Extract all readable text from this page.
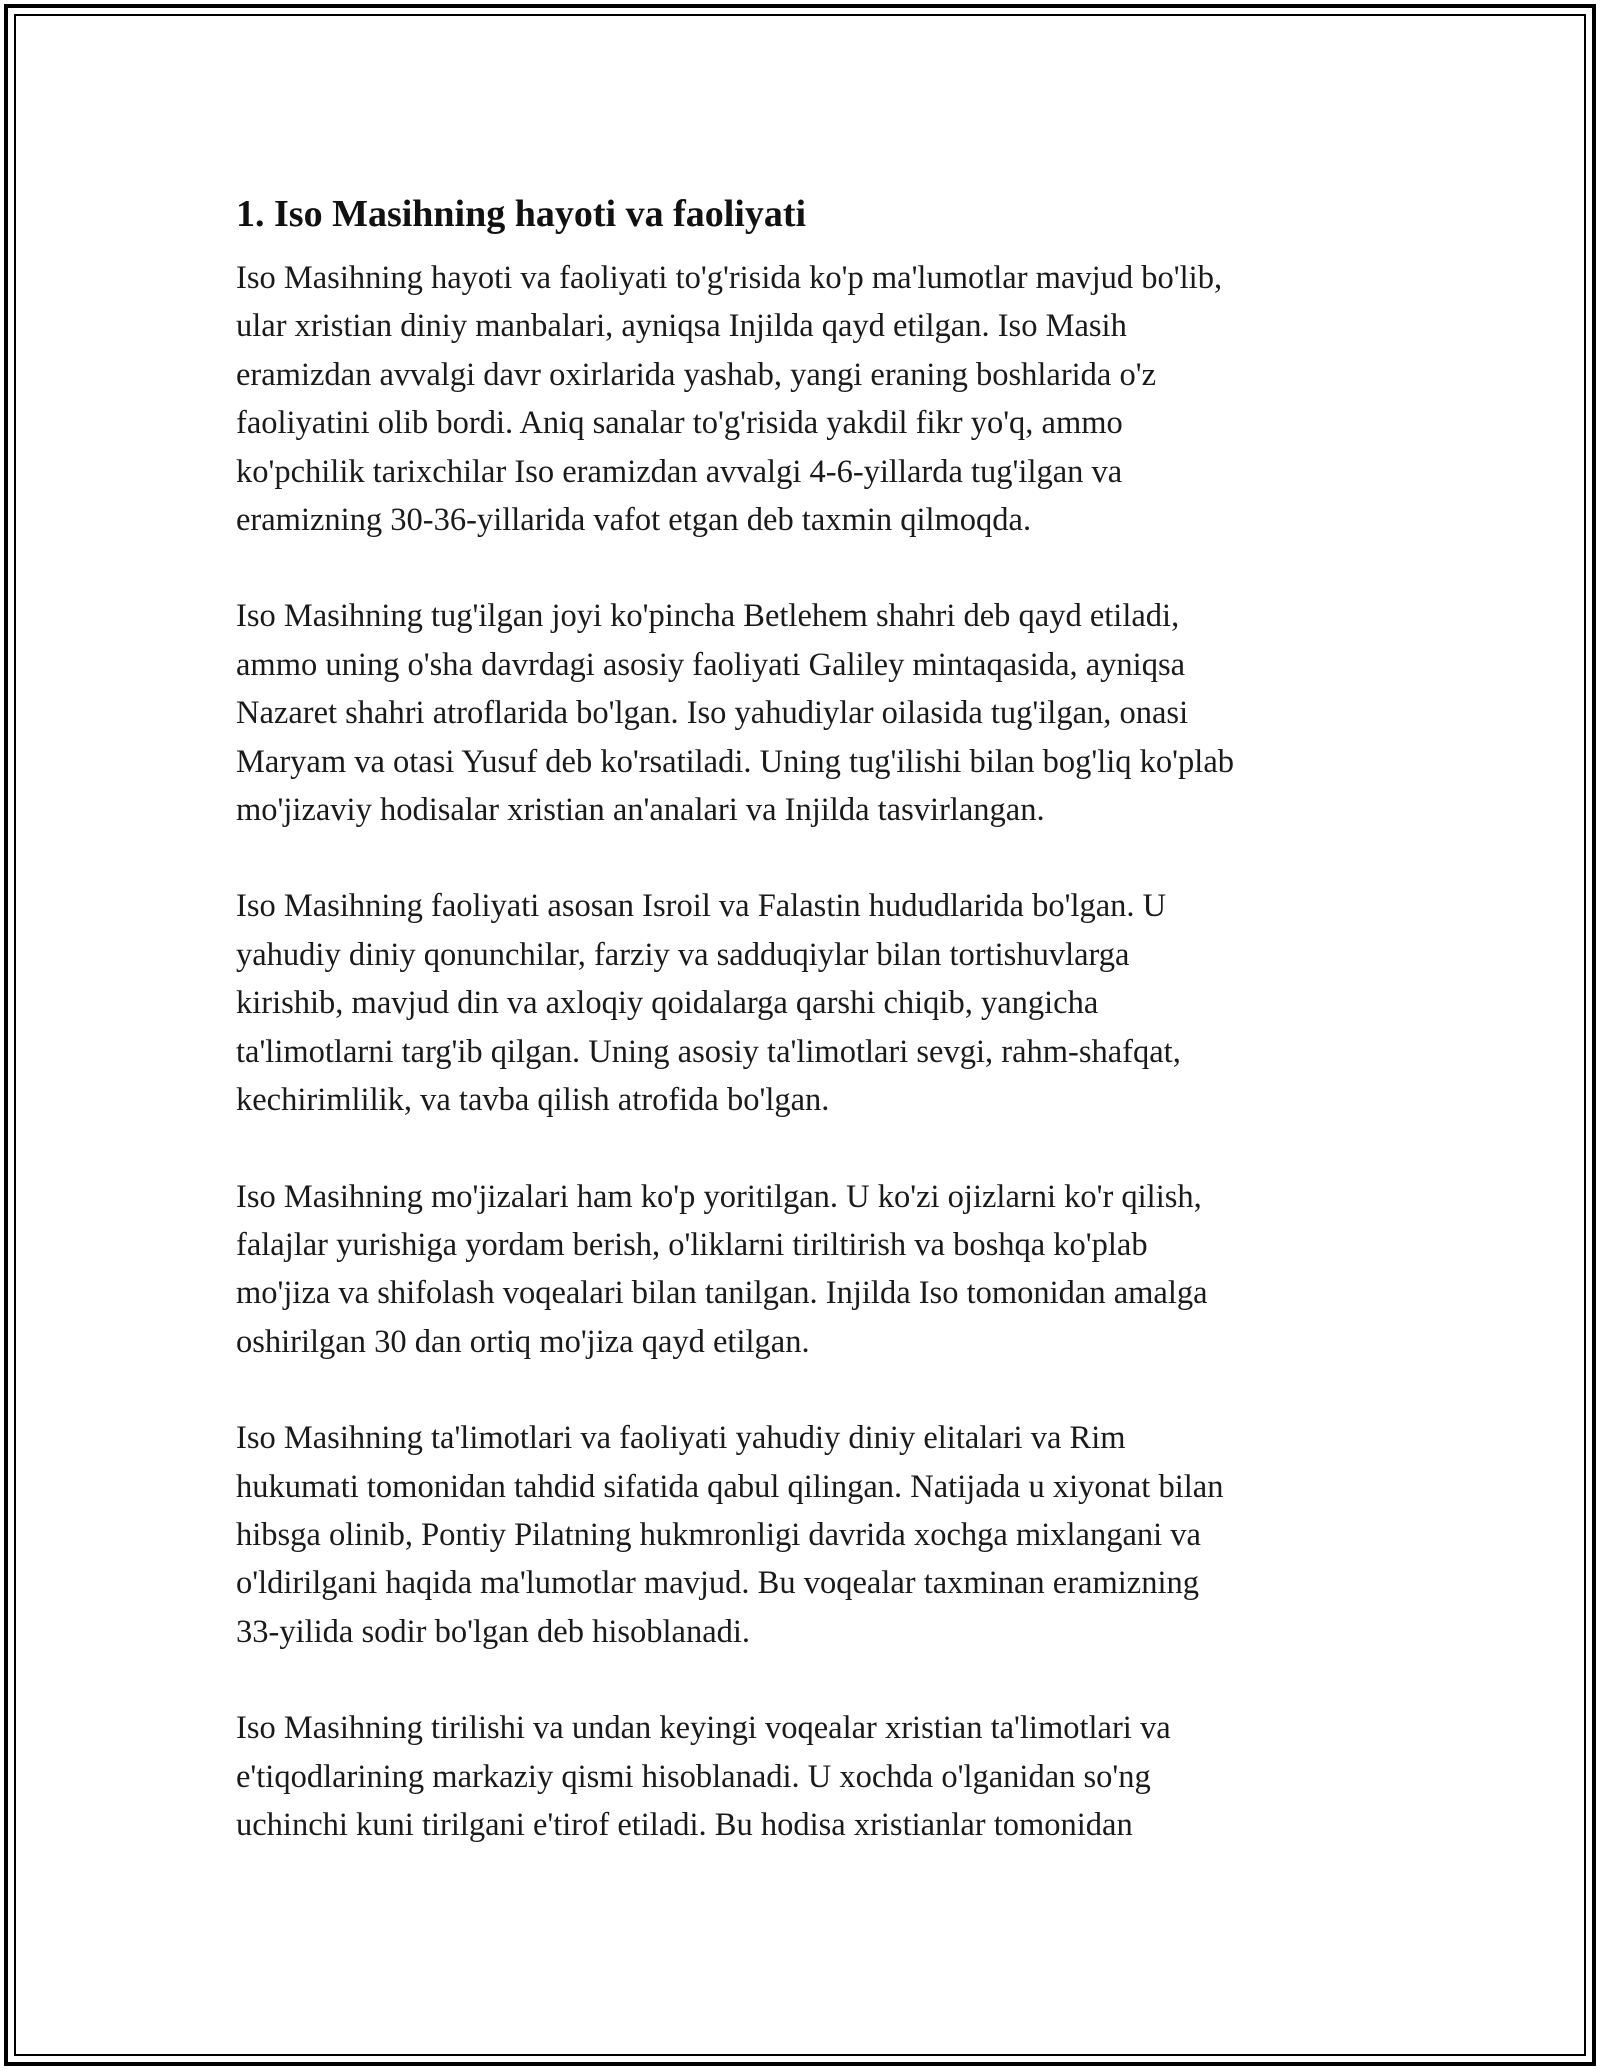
1. Iso Masihning hayoti va faoliyati

Iso Masihning hayoti va faoliyati to'g'risida ko'p ma'lumotlar mavjud bo'lib,
ular xristian diniy manbalari, ayniqsa Injilda qayd etilgan. Iso Masih
eramizdan avvalgi davr oxirlarida yashab, yangi eraning boshlarida o'z
faoliyatini olib bordi. Aniq sanalar to'g'risida yakdil fikr yo'q, ammo
ko'pchilik tarixchilar Iso eramizdan avvalgi 4-6-yillarda tug'ilgan va
eramizning 30-36-yillarida vafot etgan deb taxmin qilmoqda.

Iso Masihning tug'ilgan joyi ko'pincha Betlehem shahri deb qayd etiladi,
ammo uning o'sha davrdagi asosiy faoliyati Galiley mintaqasida, ayniqsa
Nazaret shahri atroflarida bo'lgan. Iso yahudiylar oilasida tug'ilgan, onasi
Maryam va otasi Yusuf deb ko'rsatiladi. Uning tug'ilishi bilan bog'liq ko'plab
mo'jizaviy hodisalar xristian an'analari va Injilda tasvirlangan.

Iso Masihning faoliyati asosan Isroil va Falastin hududlarida bo'lgan. U
yahudiy diniy qonunchilar, farziy va sadduqiylar bilan tortishuvlarga
kirishib, mavjud din va axloqiy qoidalarga qarshi chiqib, yangicha
ta'limotlarni targ'ib qilgan. Uning asosiy ta'limotlari sevgi, rahm-shafqat,
kechirimlilik, va tavba qilish atrofida bo'lgan.

Iso Masihning mo'jizalari ham ko'p yoritilgan. U ko'zi ojizlarni ko'r qilish,
falajlar yurishiga yordam berish, o'liklarni tiriltirish va boshqa ko'plab
mo'jiza va shifolash voqealari bilan tanilgan. Injilda Iso tomonidan amalga
oshirilgan 30 dan ortiq mo'jiza qayd etilgan.

Iso Masihning ta'limotlari va faoliyati yahudiy diniy elitalari va Rim
hukumati tomonidan tahdid sifatida qabul qilingan. Natijada u xiyonat bilan
hibsga olinib, Pontiy Pilatning hukmronligi davrida xochga mixlangani va
o'ldirilgani haqida ma'lumotlar mavjud. Bu voqealar taxminan eramizning
33-yilida sodir bo'lgan deb hisoblanadi.

Iso Masihning tirilishi va undan keyingi voqealar xristian ta'limotlari va
e'tiqodlarining markaziy qismi hisoblanadi. U xochda o'lganidan so'ng
uchinchi kuni tirilgani e'tirof etiladi. Bu hodisa xristianlar tomonidan
